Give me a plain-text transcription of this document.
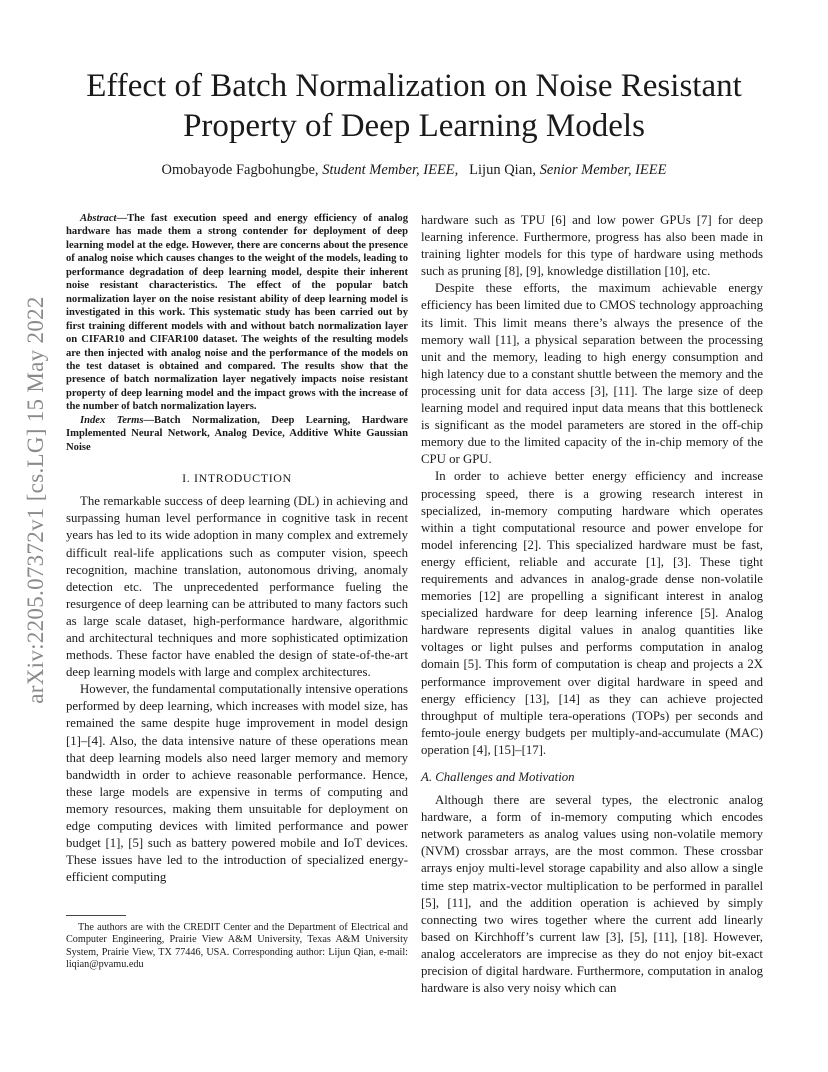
arXiv:2205.07372v1 [cs.LG] 15 May 2022
Effect of Batch Normalization on Noise Resistant
Property of Deep Learning Models
Omobayode Fagbohungbe, Student Member, IEEE, Lijun Qian, Senior Member, IEEE

Abstract—The fast execution speed and energy efficiency of analog hardware has made them a strong contender for deployment of deep learning model at the edge. However, there are concerns about the presence of analog noise which causes changes to the weight of the models, leading to performance degradation of deep learning model, despite their inherent noise resistant characteristics. The effect of the popular batch normalization layer on the noise resistant ability of deep learning model is investigated in this work. This systematic study has been carried out by first training different models with and without batch normalization layer on CIFAR10 and CIFAR100 dataset. The weights of the resulting models are then injected with analog noise and the performance of the models on the test dataset is obtained and compared. The results show that the presence of batch normalization layer negatively impacts noise resistant property of deep learning model and the impact grows with the increase of the number of batch normalization layers.

Index Terms—Batch Normalization, Deep Learning, Hardware Implemented Neural Network, Analog Device, Additive White Gaussian Noise

I. INTRODUCTION

The remarkable success of deep learning (DL) in achieving and surpassing human level performance in cognitive task in recent years has led to its wide adoption in many complex and extremely difficult real-life applications such as computer vision, speech recognition, machine translation, autonomous driving, anomaly detection etc. The unprecedented performance fueling the resurgence of deep learning can be attributed to many factors such as large scale dataset, high-performance hardware, algorithmic and architectural techniques and more sophisticated optimization methods. These factor have enabled the design of state-of-the-art deep learning models with large and complex architectures.

However, the fundamental computationally intensive operations performed by deep learning, which increases with model size, has remained the same despite huge improvement in model design [1]–[4]. Also, the data intensive nature of these operations mean that deep learning models also need larger memory and memory bandwidth in order to achieve reasonable performance. Hence, these large models are expensive in terms of computing and memory resources, making them unsuitable for deployment on edge computing devices with limited performance and power budget [1], [5] such as battery powered mobile and IoT devices. These issues have led to the introduction of specialized energy-efficient computing

hardware such as TPU [6] and low power GPUs [7] for deep learning inference. Furthermore, progress has also been made in training lighter models for this type of hardware using methods such as pruning [8], [9], knowledge distillation [10], etc.

Despite these efforts, the maximum achievable energy efficiency has been limited due to CMOS technology approaching its limit. This limit means there’s always the presence of the memory wall [11], a physical separation between the processing unit and the memory, leading to high energy consumption and high latency due to a constant shuttle between the memory and the processing unit for data access [3], [11]. The large size of deep learning model and required input data means that this bottleneck is significant as the model parameters are stored in the off-chip memory due to the limited capacity of the in-chip memory of the CPU or GPU.

In order to achieve better energy efficiency and increase processing speed, there is a growing research interest in specialized, in-memory computing hardware which operates within a tight computational resource and power envelope for model inferencing [2]. This specialized hardware must be fast, energy efficient, reliable and accurate [1], [3]. These tight requirements and advances in analog-grade dense non-volatile memories [12] are propelling a significant interest in analog specialized hardware for deep learning inference [5]. Analog hardware represents digital values in analog quantities like voltages or light pulses and performs computation in analog domain [5]. This form of computation is cheap and projects a 2X performance improvement over digital hardware in speed and energy efficiency [13], [14] as they can achieve projected throughput of multiple tera-operations (TOPs) per seconds and femto-joule energy budgets per multiply-and-accumulate (MAC) operation [4], [15]–[17].

A. Challenges and Motivation

Although there are several types, the electronic analog hardware, a form of in-memory computing which encodes network parameters as analog values using non-volatile memory (NVM) crossbar arrays, are the most common. These crossbar arrays enjoy multi-level storage capability and also allow a single time step matrix-vector multiplication to be performed in parallel [5], [11], and the addition operation is achieved by simply connecting two wires together where the current add linearly based on Kirchhoff’s current law [3], [5], [11], [18]. However, analog accelerators are imprecise as they do not enjoy bit-exact precision of digital hardware. Furthermore, computation in analog hardware is also very noisy which can

The authors are with the CREDIT Center and the Department of Electrical and Computer Engineering, Prairie View A&M University, Texas A&M University System, Prairie View, TX 77446, USA. Corresponding author: Lijun Qian, e-mail: liqian@pvamu.edu
